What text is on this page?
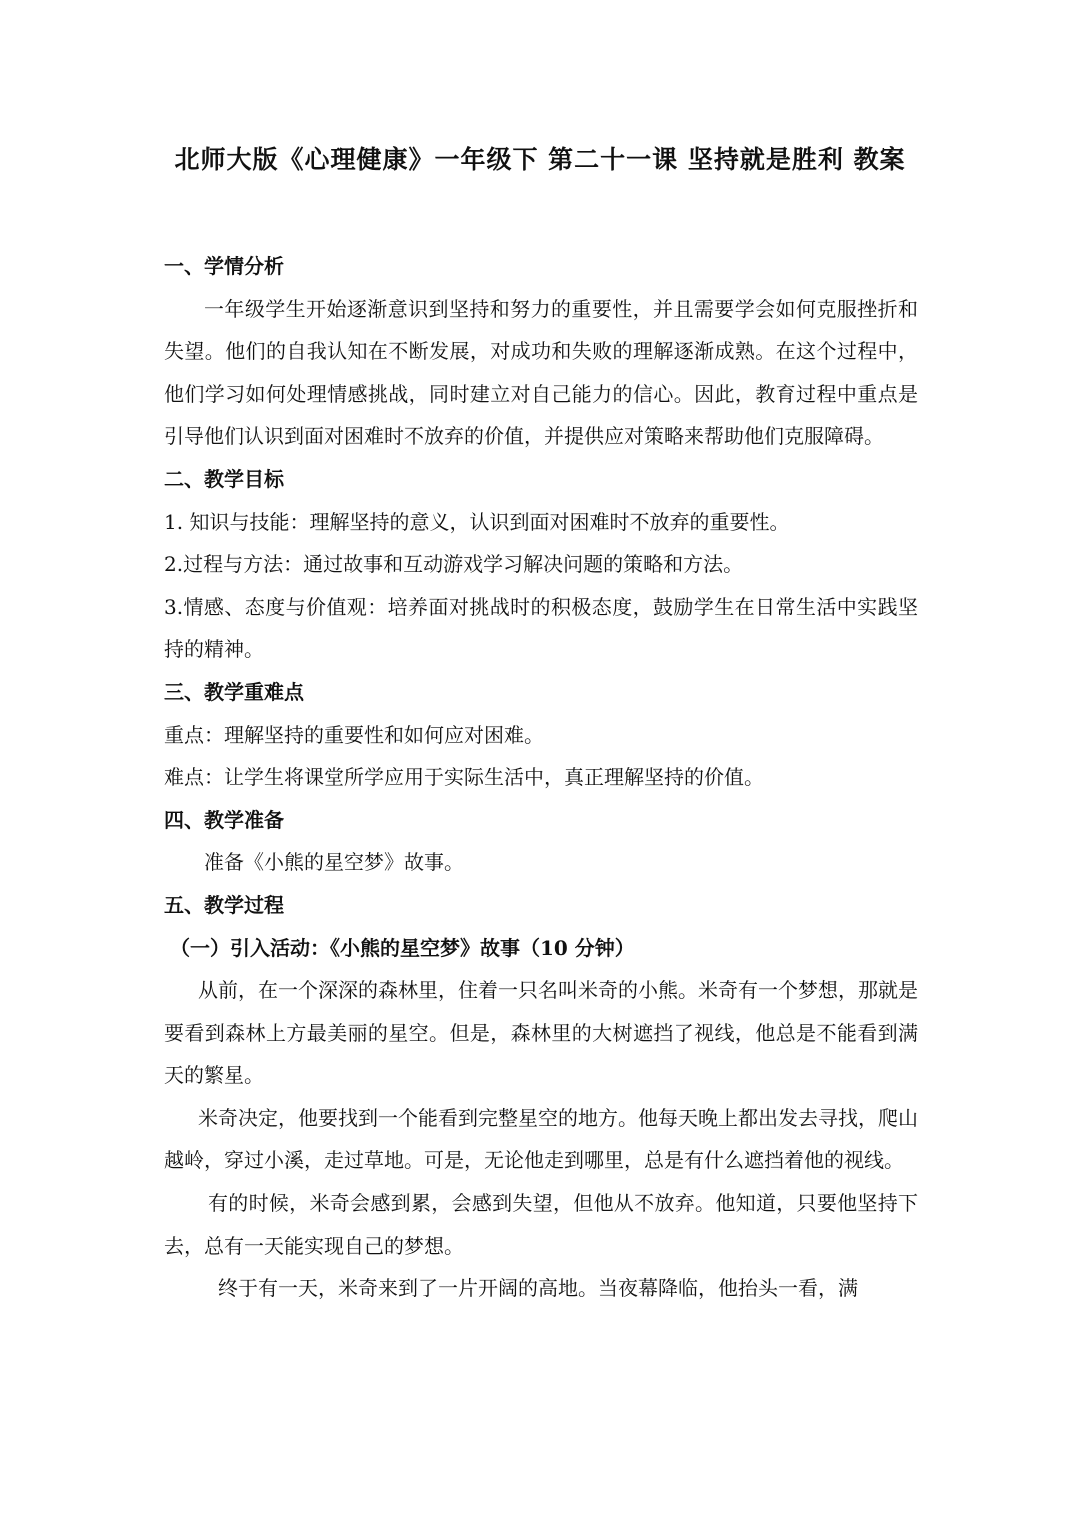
北师大版《心理健康》一年级下 第二十一课 坚持就是胜利 教案
一、学情分析

一年级学生开始逐渐意识到坚持和努力的重要性，并且需要学会如何克服挫折和失望。他们的自我认知在不断发展，对成功和失败的理解逐渐成熟。在这个过程中，他们学习如何处理情感挑战，同时建立对自己能力的信心。因此，教育过程中重点是引导他们认识到面对困难时不放弃的价值，并提供应对策略来帮助他们克服障碍。

二、教学目标

1. 知识与技能：理解坚持的意义，认识到面对困难时不放弃的重要性。

2.过程与方法：通过故事和互动游戏学习解决问题的策略和方法。

3.情感、态度与价值观：培养面对挑战时的积极态度，鼓励学生在日常生活中实践坚持的精神。

三、教学重难点

重点：理解坚持的重要性和如何应对困难。

难点：让学生将课堂所学应用于实际生活中，真正理解坚持的价值。

四、教学准备

准备《小熊的星空梦》故事。

五、教学过程
（一）引入活动：《小熊的星空梦》故事（10 分钟）

从前，在一个深深的森林里，住着一只名叫米奇的小熊。米奇有一个梦想，那就是要看到森林上方最美丽的星空。但是，森林里的大树遮挡了视线，他总是不能看到满天的繁星。

米奇决定，他要找到一个能看到完整星空的地方。他每天晚上都出发去寻找，爬山越岭，穿过小溪，走过草地。可是，无论他走到哪里，总是有什么遮挡着他的视线。

有的时候，米奇会感到累，会感到失望，但他从不放弃。他知道，只要他坚持下去，总有一天能实现自己的梦想。

终于有一天，米奇来到了一片开阔的高地。当夜幕降临，他抬头一看，满
